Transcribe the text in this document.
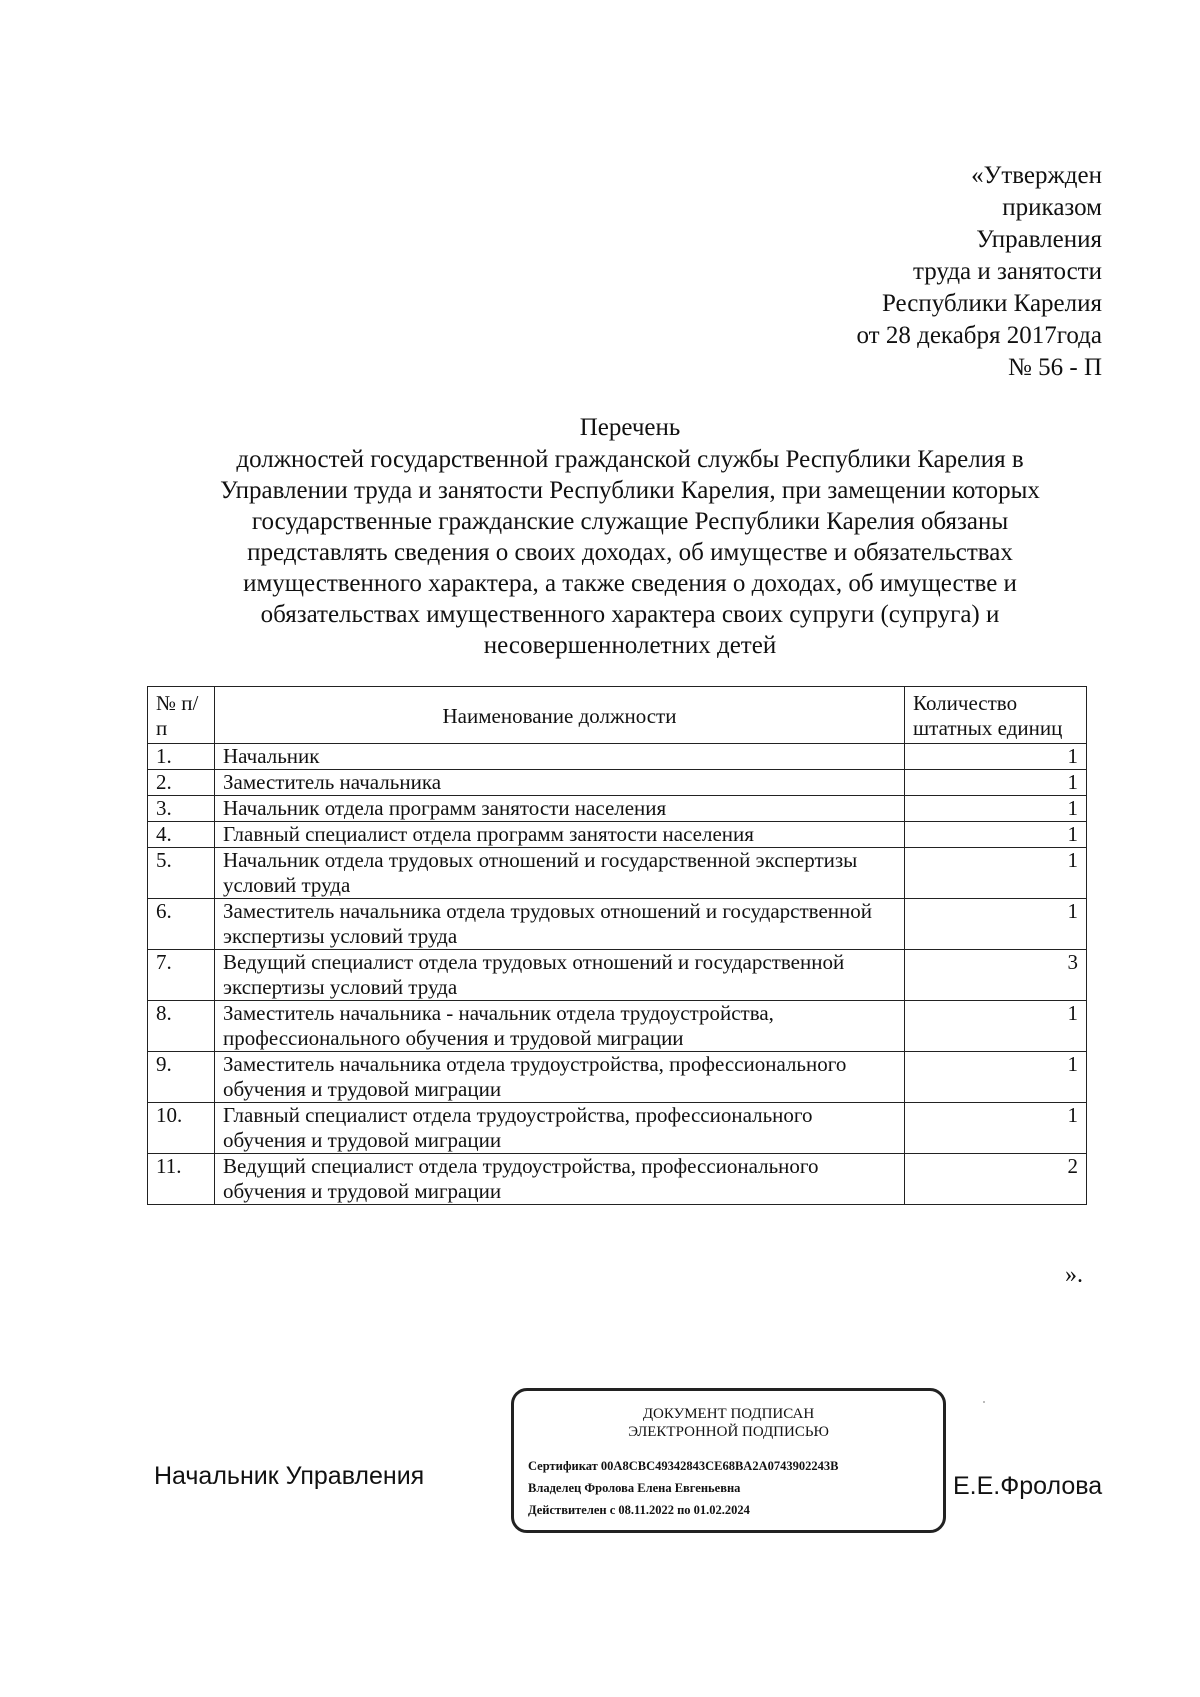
«Утвержден
приказом
Управления
труда и занятости
Республики Карелия
от 28 декабря 2017года
№ 56 - П
Перечень
должностей государственной гражданской службы Республики Карелия в
Управлении труда и занятости Республики Карелия, при замещении которых
государственные гражданские служащие Республики Карелия обязаны
представлять сведения о своих доходах, об имуществе и обязательствах
имущественного характера, а также сведения о доходах, об имуществе и
обязательствах имущественного характера своих супруги (супруга) и
несовершеннолетних детей
№ п/п	Наименование должности	Количество штатных единиц
1.	Начальник	1
2.	Заместитель начальника	1
3.	Начальник отдела программ занятости населения	1
4.	Главный специалист отдела программ занятости населения	1
5.	Начальник отдела трудовых отношений и государственной экспертизы условий труда	1
6.	Заместитель начальника отдела трудовых отношений и государственной экспертизы условий труда	1
7.	Ведущий специалист отдела трудовых отношений и государственной экспертизы условий труда	3
8.	Заместитель начальника - начальник отдела трудоустройства, профессионального обучения и трудовой миграции	1
9.	Заместитель начальника отдела трудоустройства, профессионального обучения и трудовой миграции	1
10.	Главный специалист отдела трудоустройства, профессионального обучения и трудовой миграции	1
11.	Ведущий специалист отдела трудоустройства, профессионального обучения и трудовой миграции	2
».
Начальник Управления
ДОКУМЕНТ ПОДПИСАН
ЭЛЕКТРОННОЙ ПОДПИСЬЮ
Сертификат 00A8CBC49342843CE68BA2A0743902243B
Владелец Фролова Елена Евгеньевна
Действителен с 08.11.2022 по 01.02.2024
Е.Е.Фролова
